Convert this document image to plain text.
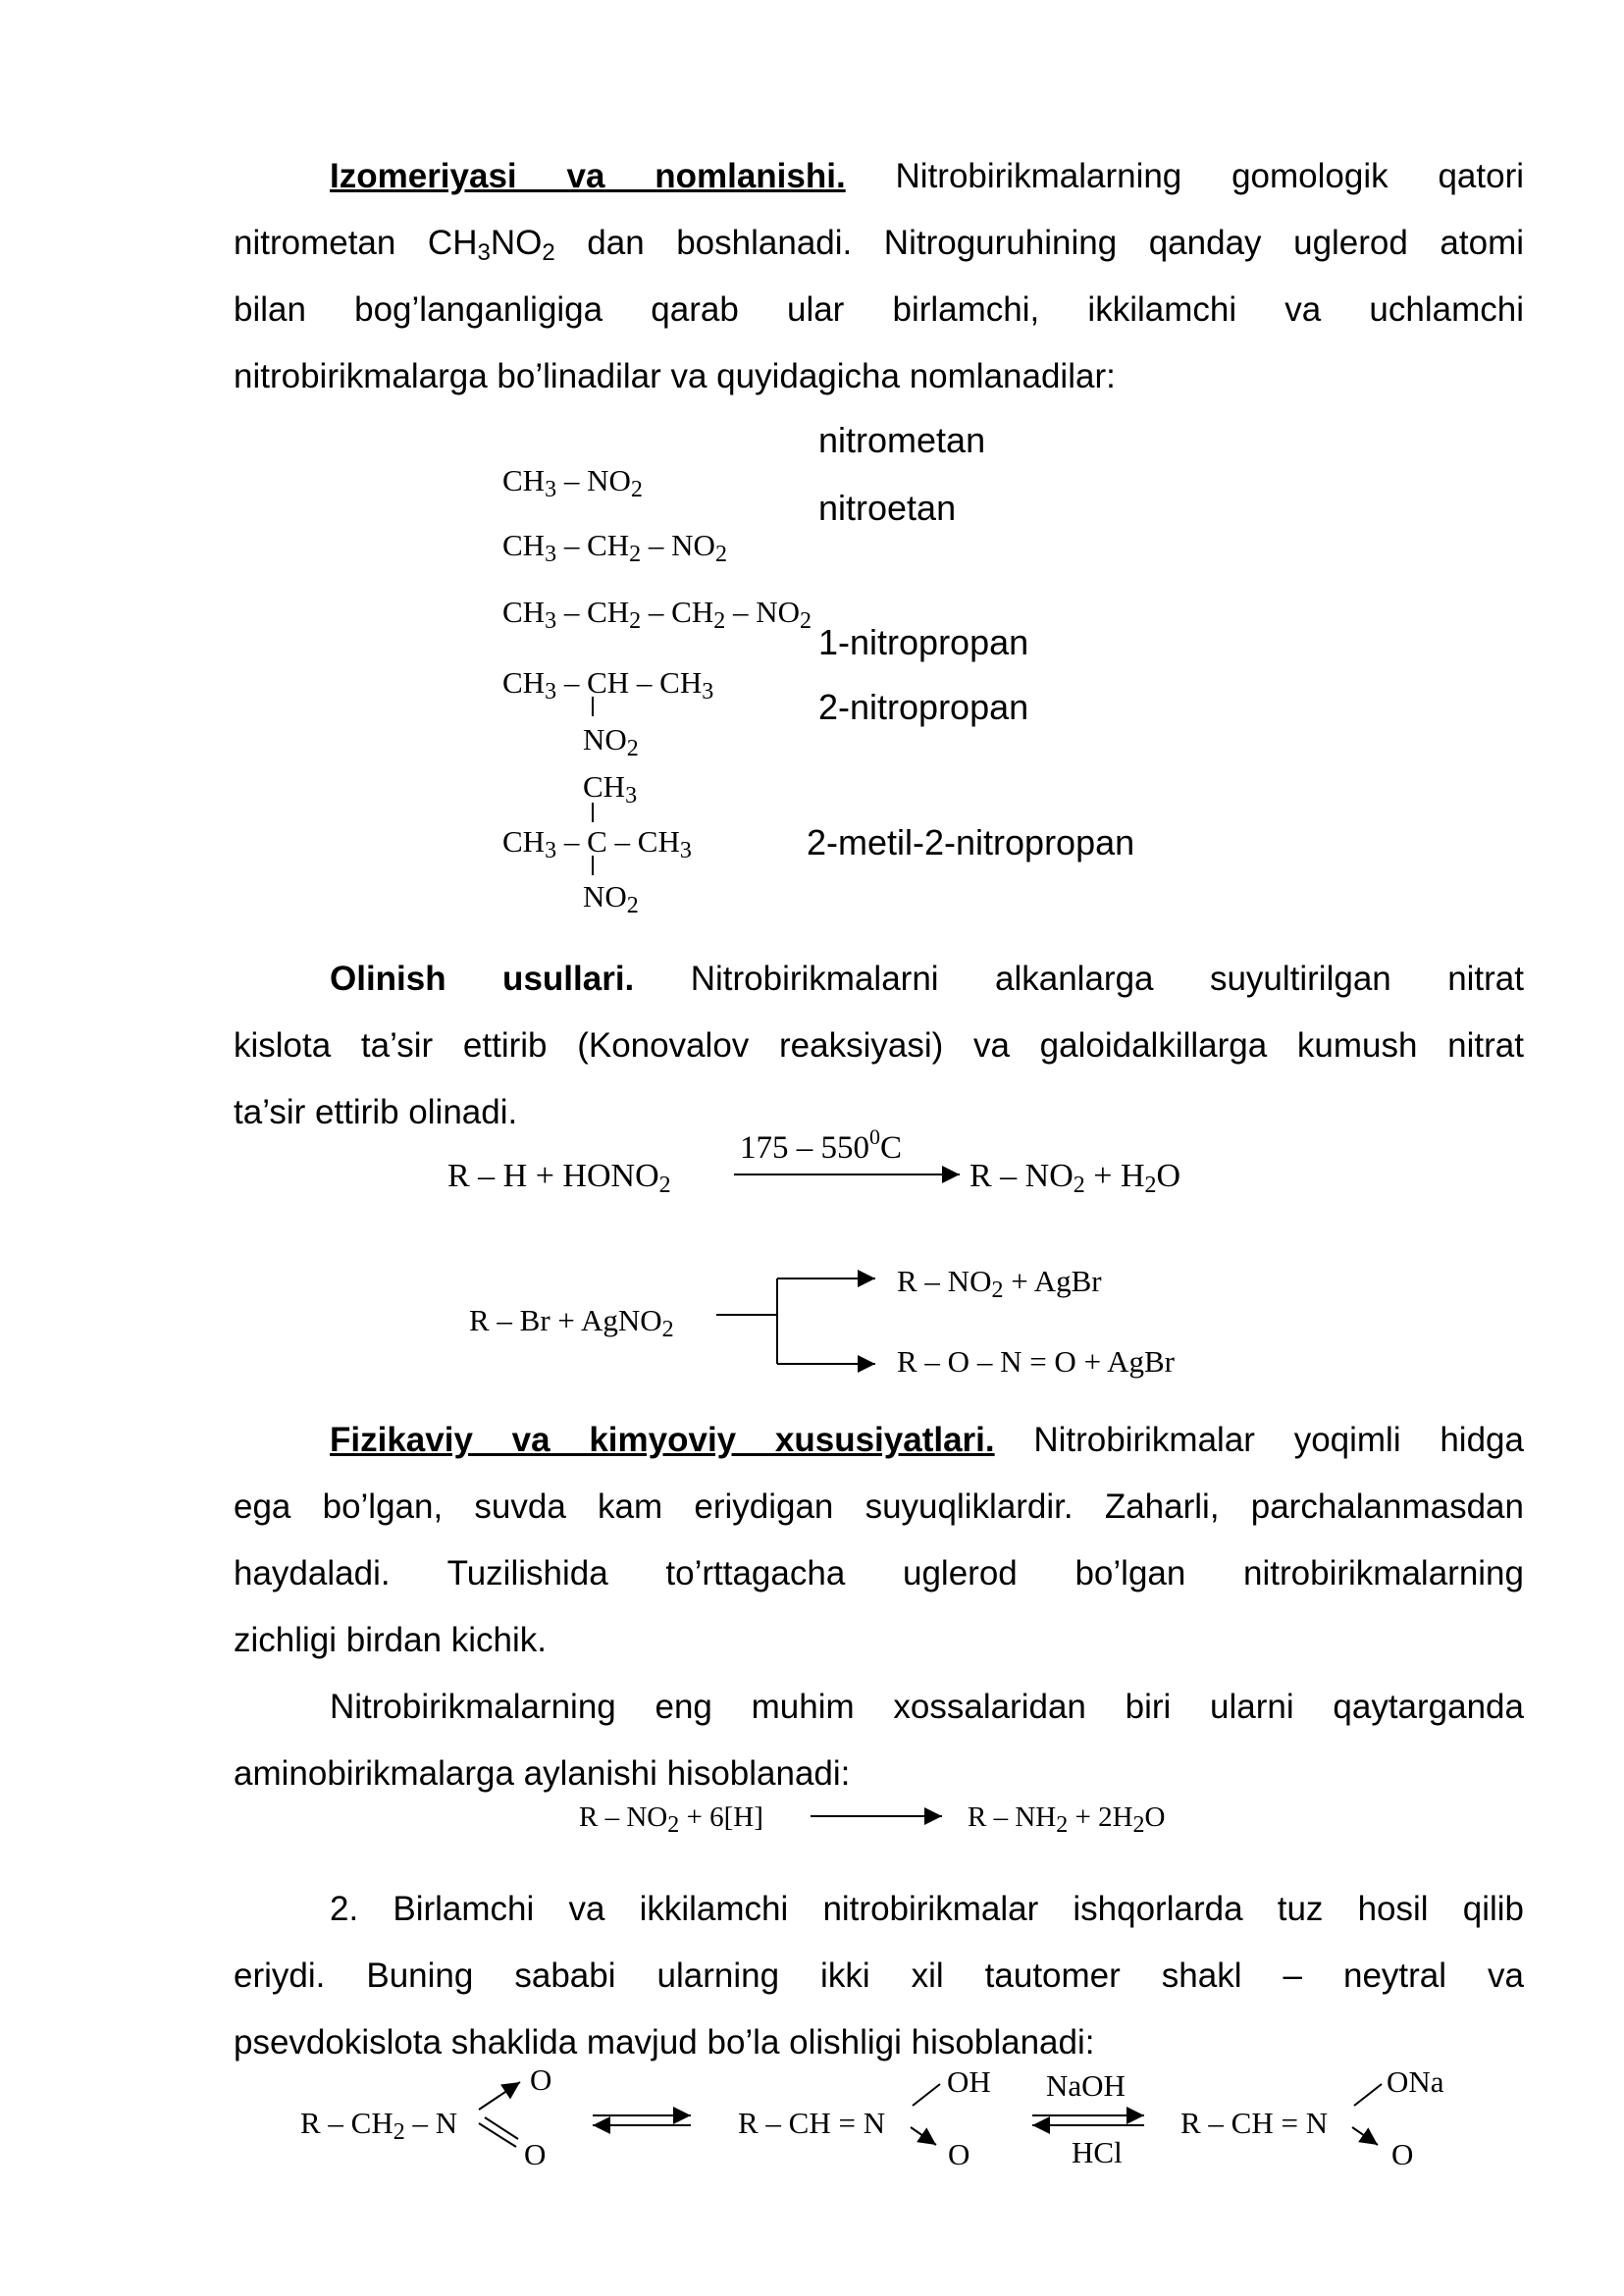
Izomeriyasi va nomlanishi. Nitrobirikmalarning gomologik qatori
nitrometan $CH_3NO_2$ dan boshlanadi. Nitroguruhining qanday uglerod atomi
bilan bog’langanligiga qarab ular birlamchi, ikkilamchi va uchlamchi
nitrobirikmalarga bo’linadilar va quyidagicha nomlanadilar:
nitrometan
nitroetan
1-nitropropan
2-nitropropan
2-metil-2-nitropropan
$CH_3 - NO_2$
$CH_3 - CH_2 - NO_2$
$CH_3 - CH_2 - CH_2 - NO_2$
$CH_3$ – CH – $CH_3$
$NO_2$
$CH_3$
$CH_3$ – C – $CH_3$
$NO_2$
Olinish usullari. Nitrobirikmalarni alkanlarga suyultirilgan nitrat
kislota ta’sir ettirib (Konovalov reaksiyasi) va galoidalkillarga kumush nitrat
ta’sir ettirib olinadi.
$R - H + HONO_2$
$175 - 550^0C$
$R - NO_2 + H_2O$
R – Br + AgNO$_2$
R – $NO_2$ + AgBr
R – O – N = O + AgBr
Fizikaviy va kimyoviy xususiyatlari. Nitrobirikmalar yoqimli hidga
ega bo’lgan, suvda kam eriydigan suyuqliklardir. Zaharli, parchalanmasdan
haydaladi. Tuzilishida to’rttagacha uglerod bo’lgan nitrobirikmalarning
zichligi birdan kichik.
Nitrobirikmalarning eng muhim xossalaridan biri ularni qaytarganda
aminobirikmalarga aylanishi hisoblanadi:
$R - NO_2 + 6[H]$	$R - NH_2 + 2H_2O$
2. Birlamchi va ikkilamchi nitrobirikmalar ishqorlarda tuz hosil qilib
eriydi. Buning sababi ularning ikki xil tautomer shakl – neytral va
psevdokislota shaklida mavjud bo’la olishligi hisoblanadi:
R – $CH_2$ – N
O
O
R – CH = N
OH
O
NaOH
HCl
R – CH = N
ONa
O
